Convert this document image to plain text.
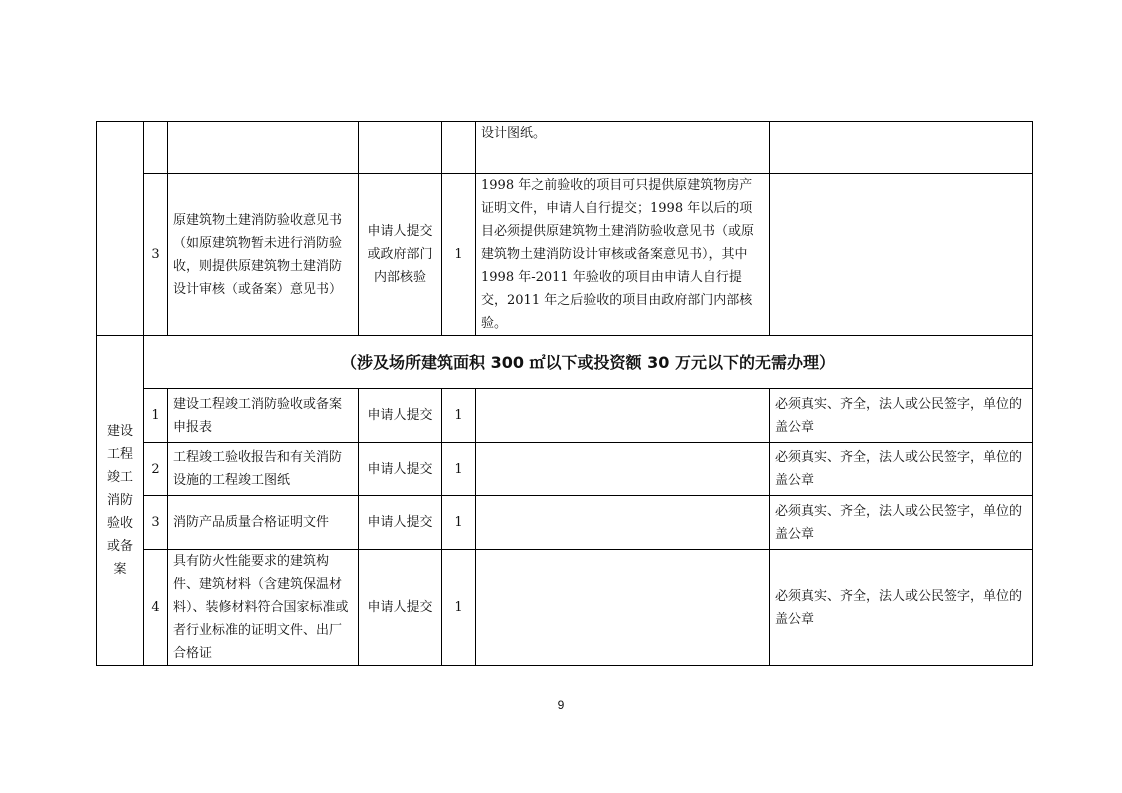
					设计图纸。	
	3	原建筑物土建消防验收意见书（如原建筑物暂未进行消防验收，则提供原建筑物土建消防设计审核（或备案）意见书）	申请人提交或政府部门内部核验	1	1998 年之前验收的项目可只提供原建筑物房产证明文件，申请人自行提交；1998 年以后的项目必须提供原建筑物土建消防验收意见书（或原建筑物土建消防设计审核或备案意见书），其中 1998 年-2011 年验收的项目由申请人自行提交，2011 年之后验收的项目由政府部门内部核验。	
建设工程竣工消防验收或备案	（涉及场所建筑面积 300 ㎡以下或投资额 30 万元以下的无需办理）					
	1	建设工程竣工消防验收或备案申报表	申请人提交	1		必须真实、齐全，法人或公民签字，单位的盖公章
	2	工程竣工验收报告和有关消防设施的工程竣工图纸	申请人提交	1		必须真实、齐全，法人或公民签字，单位的盖公章
	3	消防产品质量合格证明文件	申请人提交	1		必须真实、齐全，法人或公民签字，单位的盖公章
	4	具有防火性能要求的建筑构件、建筑材料（含建筑保温材料）、装修材料符合国家标准或者行业标准的证明文件、出厂合格证	申请人提交	1		必须真实、齐全，法人或公民签字，单位的盖公章
9
